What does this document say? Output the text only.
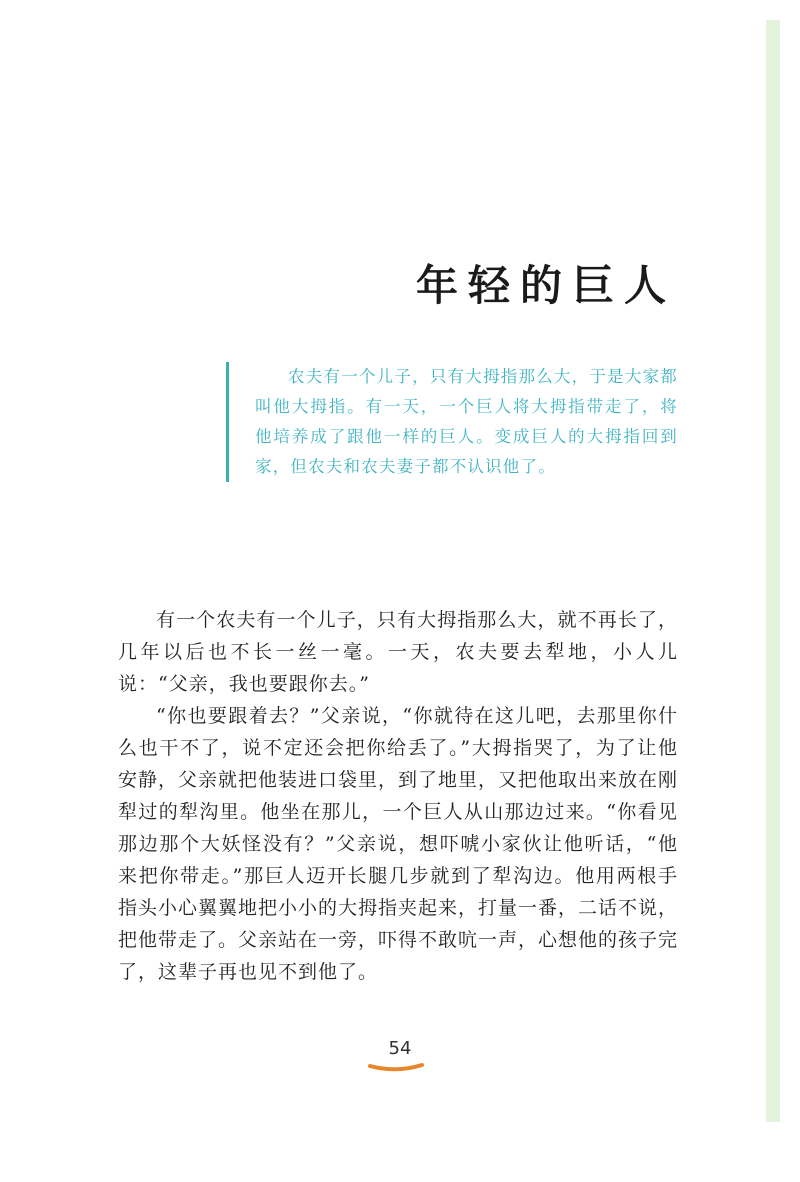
年轻的巨人
农夫有一个儿子，只有大拇指那么大，于是大家都叫他大拇指。有一天，一个巨人将大拇指带走了，将他培养成了跟他一样的巨人。变成巨人的大拇指回到家，但农夫和农夫妻子都不认识他了。

有一个农夫有一个儿子，只有大拇指那么大，就不再长了，几年以后也不长一丝一毫。一天，农夫要去犁地，小人儿说：“父亲，我也要跟你去。”

“你也要跟着去？”父亲说，“你就待在这儿吧，去那里你什么也干不了，说不定还会把你给丢了。”大拇指哭了，为了让他安静，父亲就把他装进口袋里，到了地里，又把他取出来放在刚犁过的犁沟里。他坐在那儿，一个巨人从山那边过来。“你看见那边那个大妖怪没有？”父亲说，想吓唬小家伙让他听话，“他来把你带走。”那巨人迈开长腿几步就到了犁沟边。他用两根手指头小心翼翼地把小小的大拇指夹起来，打量一番，二话不说，把他带走了。父亲站在一旁，吓得不敢吭一声，心想他的孩子完了，这辈子再也见不到他了。

54
